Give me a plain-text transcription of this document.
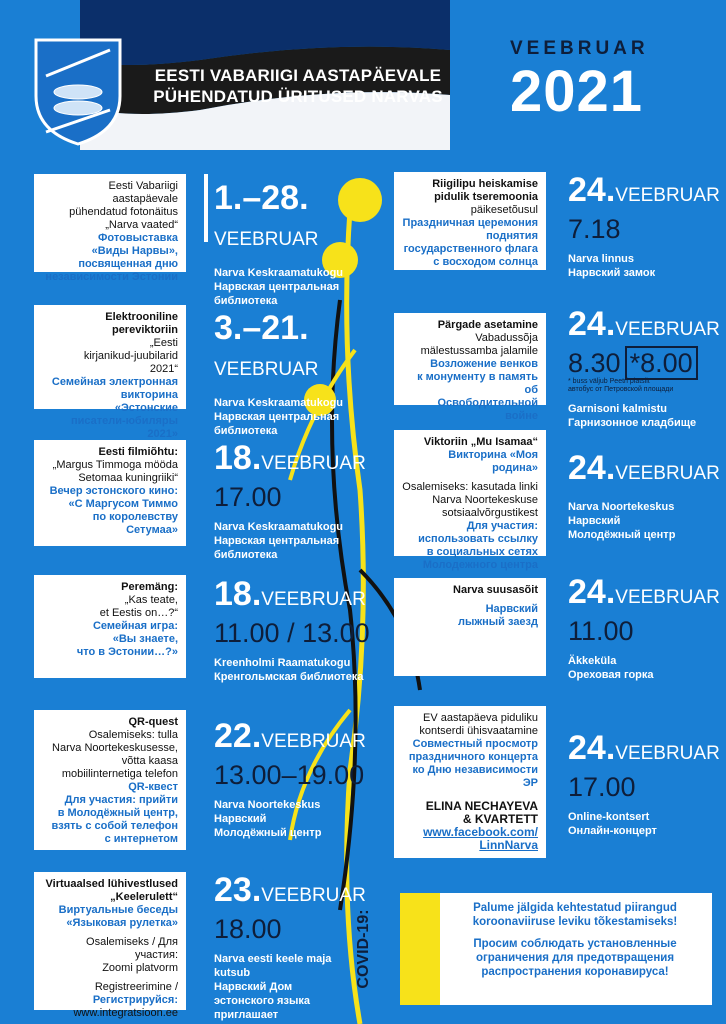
EESTI VABARIIGI AASTAPÄEVALE
PÜHENDATUD ÜRITUSED NARVAS
VEEBRUAR
2021
Eesti Vabariigi aastapäevale
pühendatud fotonäitus
„Narva vaated“
Фотовыставка
«Виды Нарвы»,
посвященная дню
независимости Эстонии
1.–28.
VEEBRUAR
Narva Keskraamatukogu
Нарвская центральная
библиотека
Elektrooniline pereviktoriin
„Eesti
kirjanikud-juubilarid
2021“
Семейная электронная
викторина
«Эстонские
писатели-юбиляры 2021»
3.–21.
VEEBRUAR
Narva Keskraamatukogu
Нарвская центральная
библиотека
Eesti filmiõhtu:
„Margus Timmoga mööda
Setomaa kuningriiki“
Вечер эстонского кино:
«С Маргусом Тиммо
по королевству
Сетумаа»
18.VEEBRUAR
17.00
Narva Keskraamatukogu
Нарвская центральная
библиотека
Peremäng:
„Kas teate,
et Eestis on…?“
Семейная игра:
«Вы знаете,
что в Эстонии…?»
18.VEEBRUAR
11.00 / 13.00
Kreenholmi Raamatukogu
Кренгольмская библиотека
QR-quest
Osalemiseks: tulla
Narva Noortekeskusesse,
võtta kaasa
mobiilinternetiga telefon
QR-квест
Для участия: прийти
в Молодёжный центр,
взять с собой телефон
с интернетом
22.VEEBRUAR
13.00–19.00
Narva Noortekeskus
Нарвский
Молодёжный центр
Virtuaalsed lühivestlused
„Keelerulett“
Виртуальные беседы
«Языковая рулетка»
Osalemiseks / Для участия:
Zoomi platvorm
Registreerimine /
Регистрируйся:
www.integratsioon.ee
23.VEEBRUAR
18.00
Narva eesti keele maja
kutsub
Нарвский Дом
эстонского языка
приглашает
Riigilipu heiskamise
pidulik tseremoonia
päikesetõusul
Праздничная церемония
поднятия
государственного флага
с восходом солнца
24.VEEBRUAR
7.18
Narva linnus
Нарвский замок
Pärgade asetamine
Vabadussõja
mälestussamba jalamile
Возложение венков
к монументу в память об
Освободительной войне
24.VEEBRUAR
8.30 *8.00
* buss väljub Peetri platsilt
автобус от Петровской площади
Garnisoni kalmistu
Гарнизонное кладбище
Viktoriin „Mu Isamaa“
Викторина «Моя родина»
Osalemiseks: kasutada linki
Narva Noortekeskuse
sotsiaalvõrgustikest
Для участия:
использовать ссылку
в социальных сетях
Молодежного центра
24.VEEBRUAR
Narva Noortekeskus
Нарвский
Молодёжный центр
Narva suusasõit
Нарвский
лыжный заезд
24.VEEBRUAR
11.00
Äkkeküla
Ореховая горка
EV aastapäeva piduliku
kontserdi ühisvaatamine
Совместный просмотр
праздничного концерта
ко Дню независимости ЭР
ELINA NECHAYEVA
& KVARTETT
www.facebook.com/
LinnNarva
24.VEEBRUAR
17.00
Online-kontsert
Онлайн-концерт
COVID-19:
Palume jälgida kehtestatud piirangud koroonaviiruse leviku tõkestamiseks!
Просим соблюдать установленные ограничения для предотвращения распространения коронавируса!
